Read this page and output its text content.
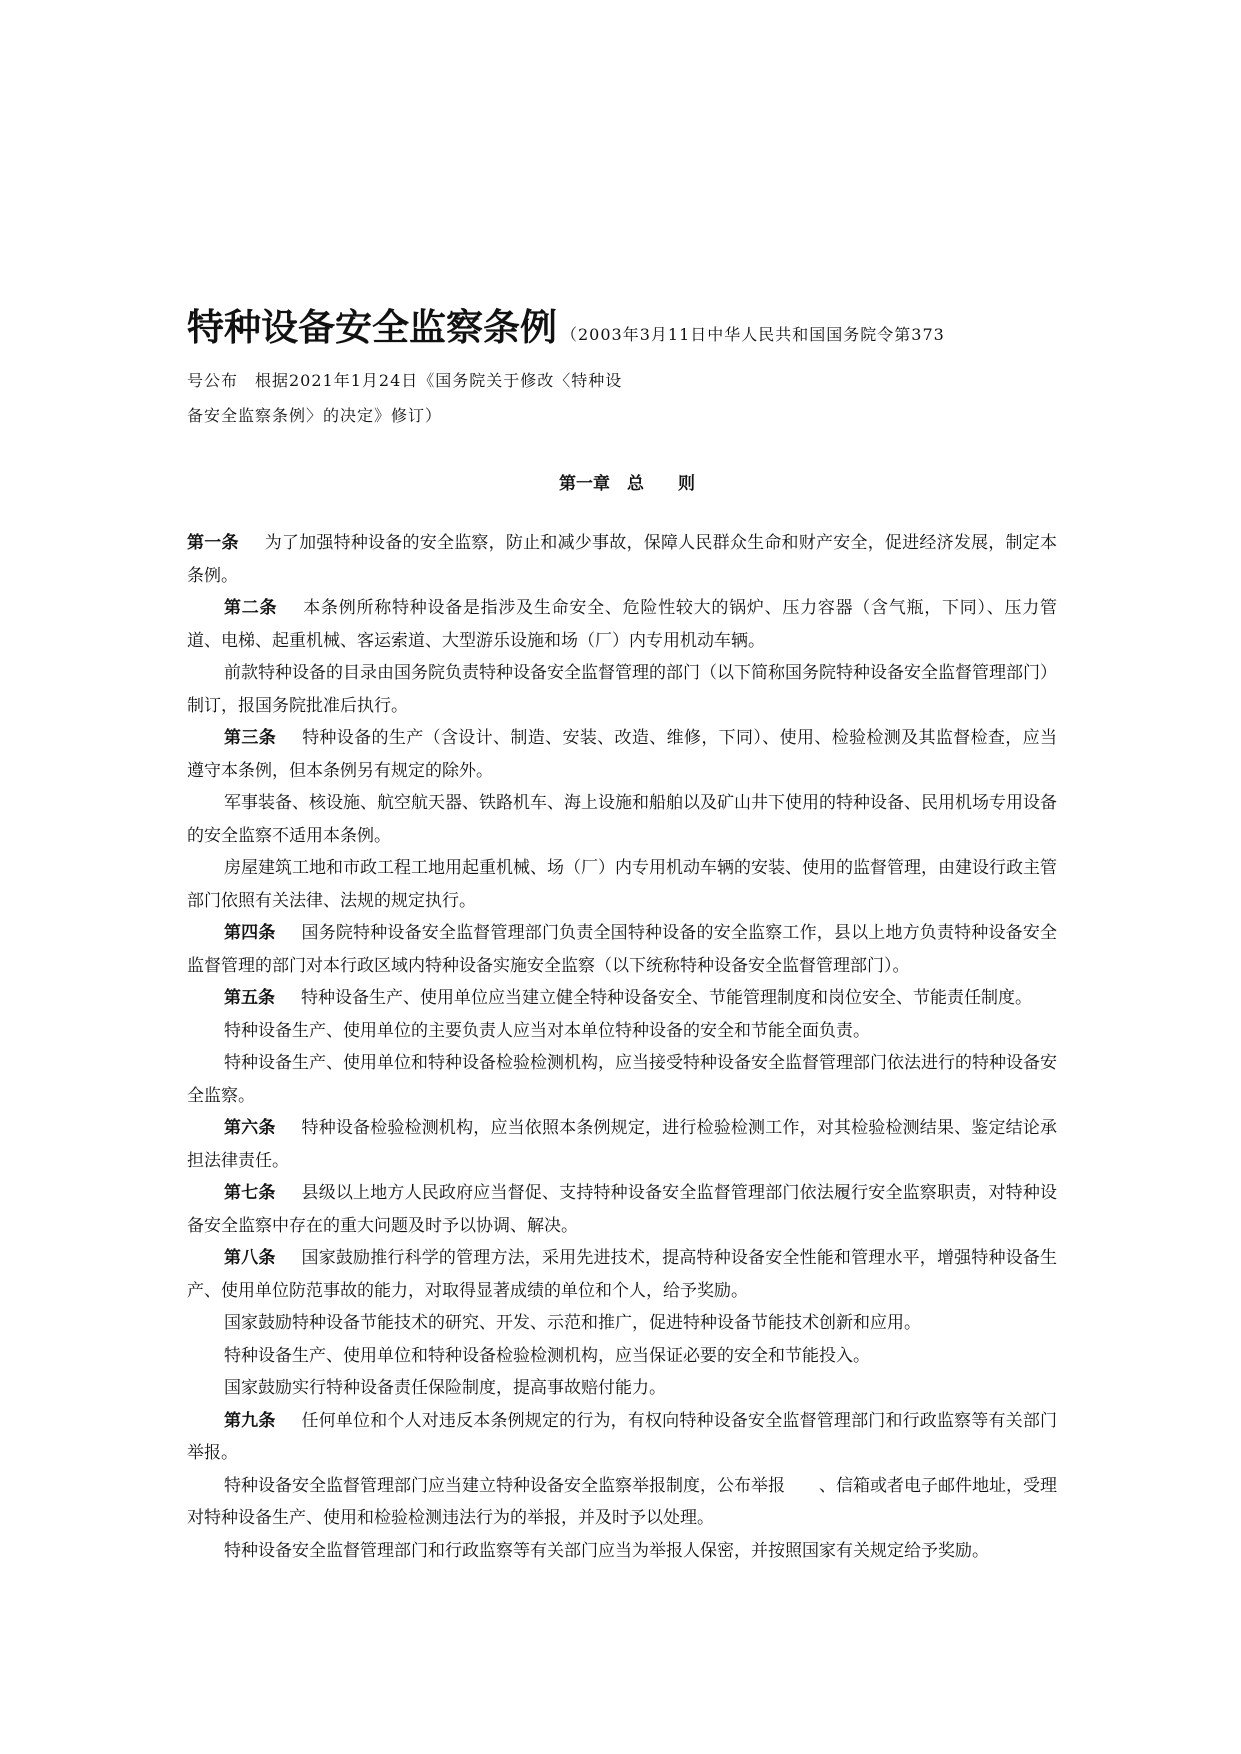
特种设备安全监察条例 （2003年3月11日中华人民共和国国务院令第373
号公布　根据2021年1月24日《国务院关于修改〈特种设
备安全监察条例〉的决定》修订）
第一章　总　　则

第一条 为了加强特种设备的安全监察，防止和减少事故，保障人民群众生命和财产安全，促进经济发展，制定本条例。

第二条 本条例所称特种设备是指涉及生命安全、危险性较大的锅炉、压力容器（含气瓶，下同）、压力管道、电梯、起重机械、客运索道、大型游乐设施和场（厂）内专用机动车辆。

前款特种设备的目录由国务院负责特种设备安全监督管理的部门（以下简称国务院特种设备安全监督管理部门）制订，报国务院批准后执行。

第三条 特种设备的生产（含设计、制造、安装、改造、维修，下同）、使用、检验检测及其监督检查，应当遵守本条例，但本条例另有规定的除外。

军事装备、核设施、航空航天器、铁路机车、海上设施和船舶以及矿山井下使用的特种设备、民用机场专用设备的安全监察不适用本条例。

房屋建筑工地和市政工程工地用起重机械、场（厂）内专用机动车辆的安装、使用的监督管理，由建设行政主管部门依照有关法律、法规的规定执行。

第四条 国务院特种设备安全监督管理部门负责全国特种设备的安全监察工作，县以上地方负责特种设备安全监督管理的部门对本行政区域内特种设备实施安全监察（以下统称特种设备安全监督管理部门）。

第五条 特种设备生产、使用单位应当建立健全特种设备安全、节能管理制度和岗位安全、节能责任制度。

特种设备生产、使用单位的主要负责人应当对本单位特种设备的安全和节能全面负责。

特种设备生产、使用单位和特种设备检验检测机构，应当接受特种设备安全监督管理部门依法进行的特种设备安全监察。

第六条 特种设备检验检测机构，应当依照本条例规定，进行检验检测工作，对其检验检测结果、鉴定结论承担法律责任。

第七条 县级以上地方人民政府应当督促、支持特种设备安全监督管理部门依法履行安全监察职责，对特种设备安全监察中存在的重大问题及时予以协调、解决。

第八条 国家鼓励推行科学的管理方法，采用先进技术，提高特种设备安全性能和管理水平，增强特种设备生产、使用单位防范事故的能力，对取得显著成绩的单位和个人，给予奖励。

国家鼓励特种设备节能技术的研究、开发、示范和推广，促进特种设备节能技术创新和应用。

特种设备生产、使用单位和特种设备检验检测机构，应当保证必要的安全和节能投入。

国家鼓励实行特种设备责任保险制度，提高事故赔付能力。

第九条 任何单位和个人对违反本条例规定的行为，有权向特种设备安全监督管理部门和行政监察等有关部门举报。

特种设备安全监督管理部门应当建立特种设备安全监察举报制度，公布举报　　、信箱或者电子邮件地址，受理对特种设备生产、使用和检验检测违法行为的举报，并及时予以处理。

特种设备安全监督管理部门和行政监察等有关部门应当为举报人保密，并按照国家有关规定给予奖励。
